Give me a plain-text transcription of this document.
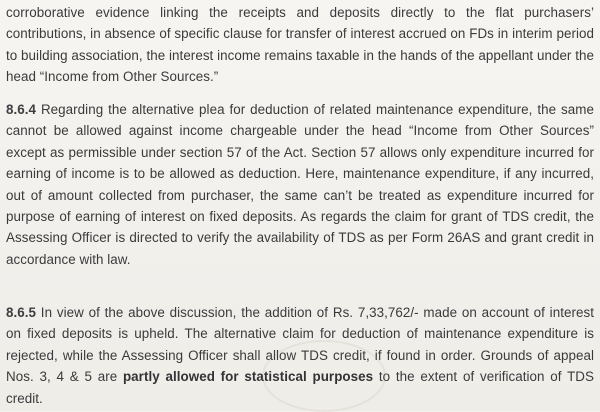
corroborative evidence linking the receipts and deposits directly to the flat purchasers’ contributions, in absence of specific clause for transfer of interest accrued on FDs in interim period to building association, the interest income remains taxable in the hands of the appellant under the head “Income from Other Sources.”
8.6.4 Regarding the alternative plea for deduction of related maintenance expenditure, the same cannot be allowed against income chargeable under the head “Income from Other Sources” except as permissible under section 57 of the Act. Section 57 allows only expenditure incurred for earning of income is to be allowed as deduction. Here, maintenance expenditure, if any incurred, out of amount collected from purchaser, the same can’t be treated as expenditure incurred for purpose of earning of interest on fixed deposits. As regards the claim for grant of TDS credit, the Assessing Officer is directed to verify the availability of TDS as per Form 26AS and grant credit in accordance with law.
8.6.5 In view of the above discussion, the addition of Rs. 7,33,762/- made on account of interest on fixed deposits is upheld. The alternative claim for deduction of maintenance expenditure is rejected, while the Assessing Officer shall allow TDS credit, if found in order. Grounds of appeal Nos. 3, 4 & 5 are partly allowed for statistical purposes to the extent of verification of TDS credit.
